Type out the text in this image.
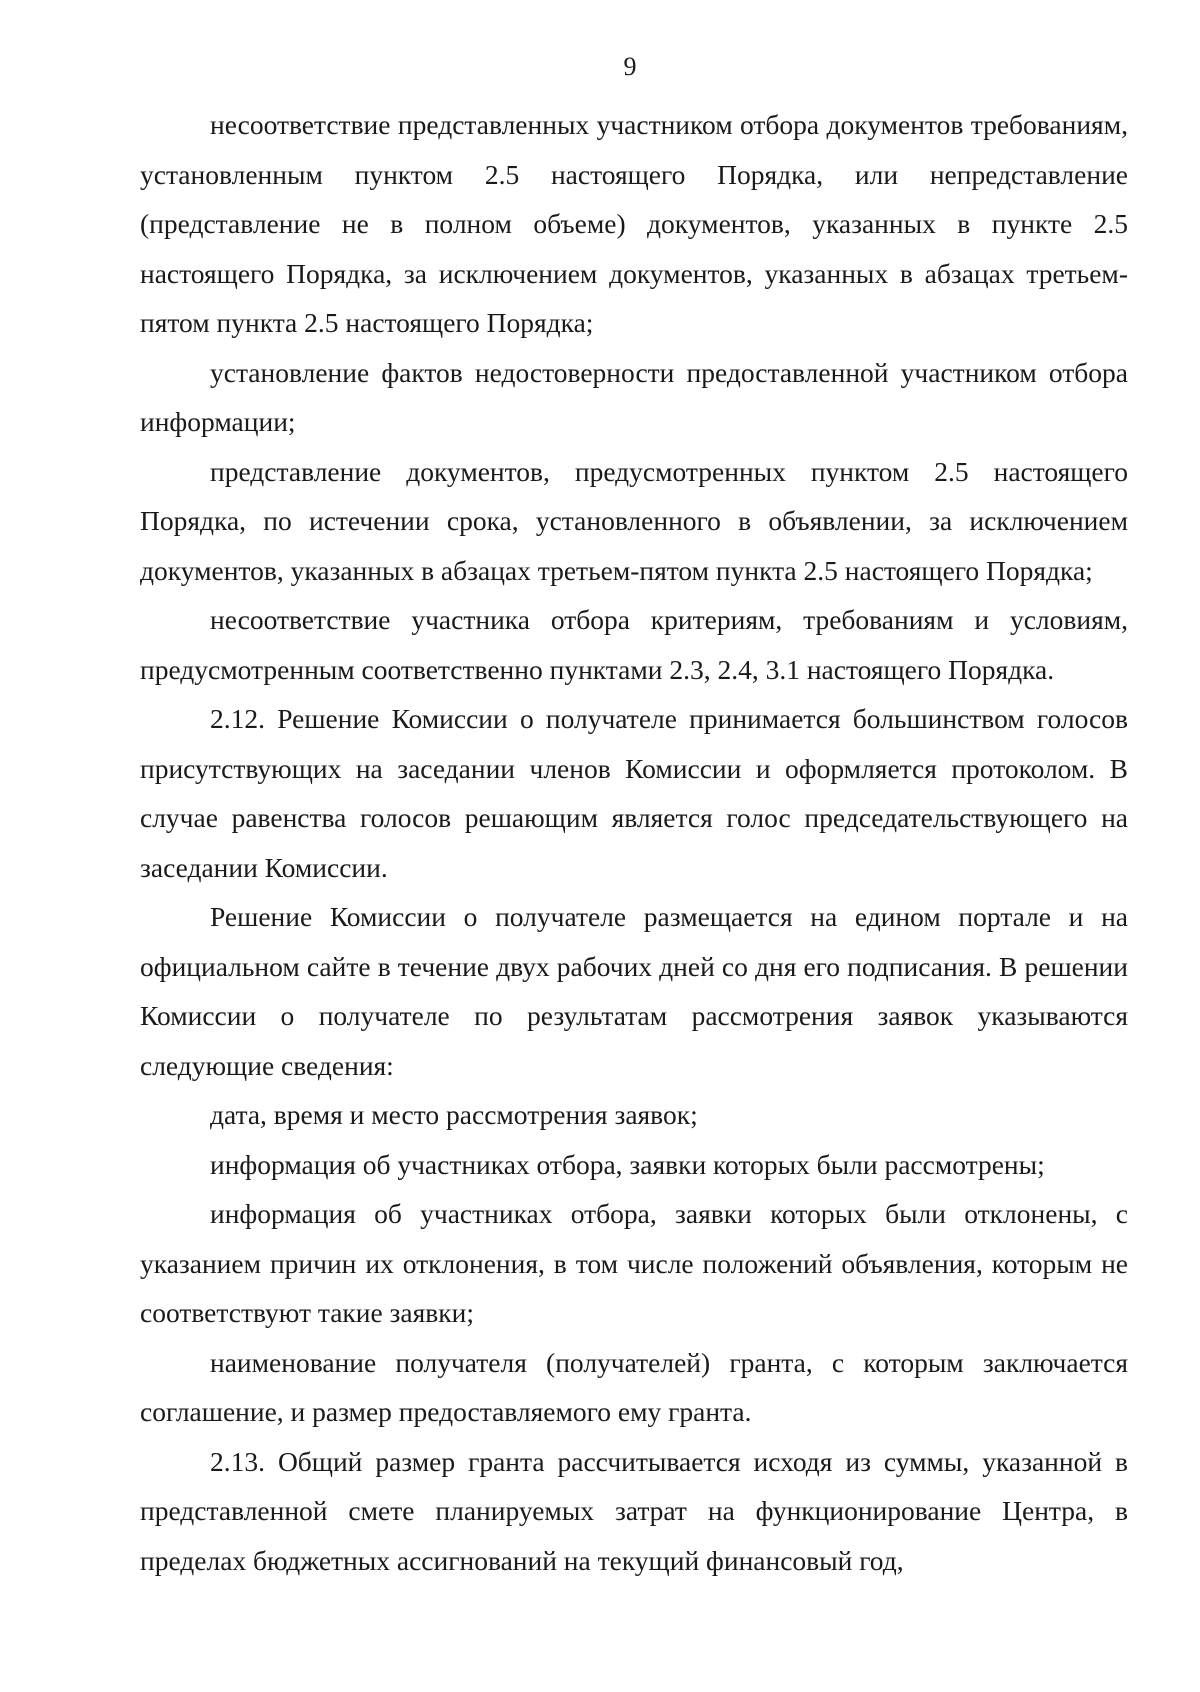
9

несоответствие представленных участником отбора документов требованиям, установленным пунктом 2.5 настоящего Порядка, или непредставление (представление не в полном объеме) документов, указанных в пункте 2.5 настоящего Порядка, за исключением документов, указанных в абзацах третьем-пятом пункта 2.5 настоящего Порядка;

установление фактов недостоверности предоставленной участником отбора информации;

представление документов, предусмотренных пунктом 2.5 настоящего Порядка, по истечении срока, установленного в объявлении, за исключением документов, указанных в абзацах третьем-пятом пункта 2.5 настоящего Порядка;

несоответствие участника отбора критериям, требованиям и условиям, предусмотренным соответственно пунктами 2.3, 2.4, 3.1 настоящего Порядка.

2.12. Решение Комиссии о получателе принимается большинством голосов присутствующих на заседании членов Комиссии и оформляется протоколом. В случае равенства голосов решающим является голос председательствующего на заседании Комиссии.

Решение Комиссии о получателе размещается на едином портале и на официальном сайте в течение двух рабочих дней со дня его подписания. В решении Комиссии о получателе по результатам рассмотрения заявок указываются следующие сведения:

дата, время и место рассмотрения заявок;

информация об участниках отбора, заявки которых были рассмотрены;

информация об участниках отбора, заявки которых были отклонены, с указанием причин их отклонения, в том числе положений объявления, которым не соответствуют такие заявки;

наименование получателя (получателей) гранта, с которым заключается соглашение, и размер предоставляемого ему гранта.

2.13. Общий размер гранта рассчитывается исходя из суммы, указанной в представленной смете планируемых затрат на функционирование Центра, в пределах бюджетных ассигнований на текущий финансовый год,
